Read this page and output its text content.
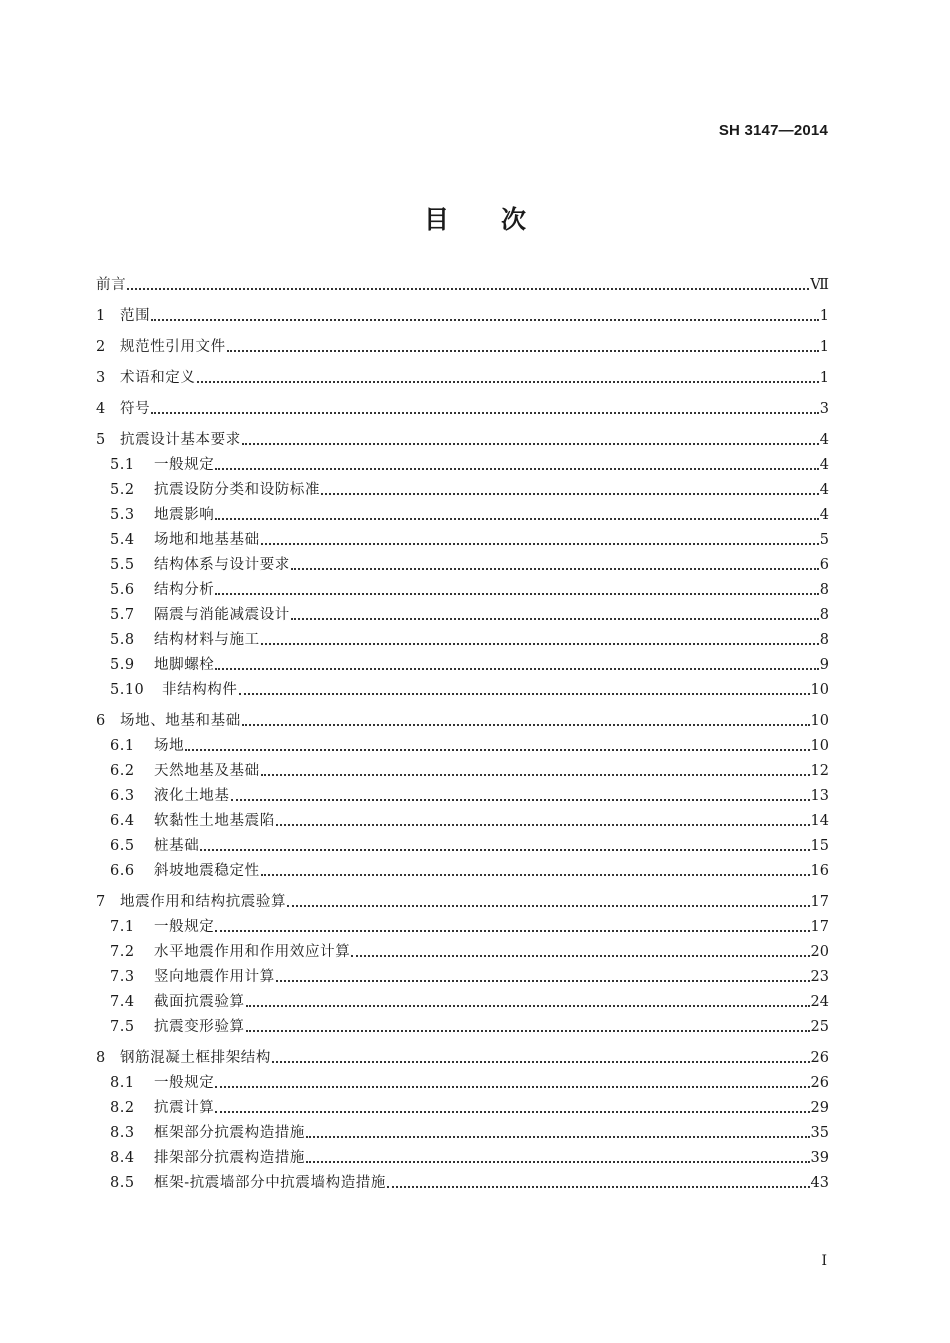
SH 3147—2014
目 次
前言	Ⅶ
1	范围	1
2	规范性引用文件	1
3	术语和定义	1
4	符号	3
5	抗震设计基本要求	4
5.1	一般规定	4
5.2	抗震设防分类和设防标准	4
5.3	地震影响	4
5.4	场地和地基基础	5
5.5	结构体系与设计要求	6
5.6	结构分析	8
5.7	隔震与消能减震设计	8
5.8	结构材料与施工	8
5.9	地脚螺栓	9
5.10	非结构构件	10
6	场地、地基和基础	10
6.1	场地	10
6.2	天然地基及基础	12
6.3	液化土地基	13
6.4	软黏性土地基震陷	14
6.5	桩基础	15
6.6	斜坡地震稳定性	16
7	地震作用和结构抗震验算	17
7.1	一般规定	17
7.2	水平地震作用和作用效应计算	20
7.3	竖向地震作用计算	23
7.4	截面抗震验算	24
7.5	抗震变形验算	25
8	钢筋混凝土框排架结构	26
8.1	一般规定	26
8.2	抗震计算	29
8.3	框架部分抗震构造措施	35
8.4	排架部分抗震构造措施	39
8.5	框架-抗震墙部分中抗震墙构造措施	43
I
